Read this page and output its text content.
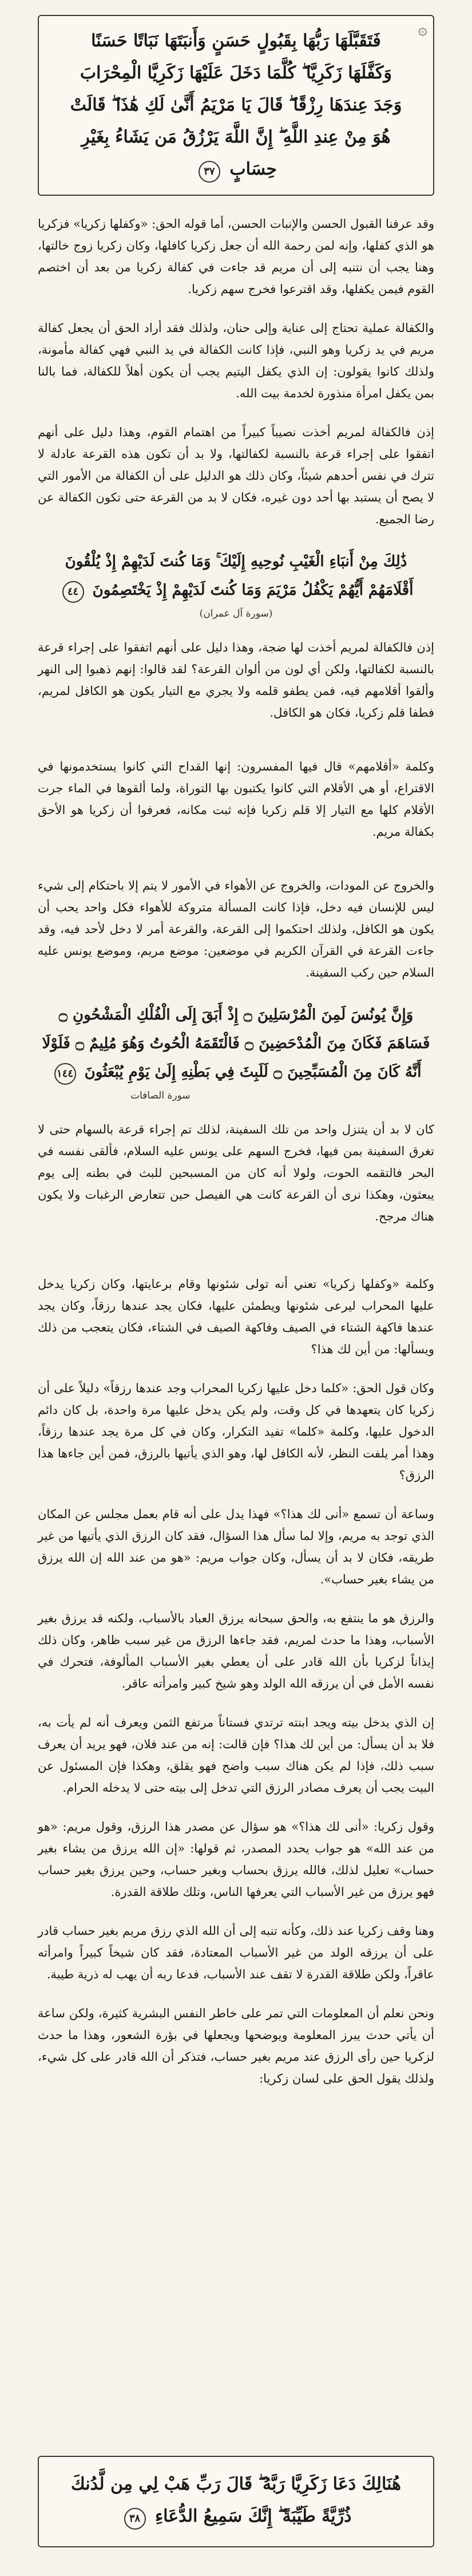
۞
فَتَقَبَّلَهَا رَبُّهَا بِقَبُولٍ حَسَنٍ وَأَنبَتَهَا نَبَاتًا حَسَنًا وَكَفَّلَهَا زَكَرِيَّا ۖ كُلَّمَا دَخَلَ عَلَيْهَا زَكَرِيَّا الْمِحْرَابَ وَجَدَ عِندَهَا رِزْقًا ۖ قَالَ يَا مَرْيَمُ أَنَّىٰ لَكِ هَٰذَا ۖ قَالَتْ هُوَ مِنْ عِندِ اللَّهِ ۖ إِنَّ اللَّهَ يَرْزُقُ مَن يَشَاءُ بِغَيْرِ حِسَابٍ ٣٧

وقد عرفنا القبول الحسن والإنبات الحسن، أما قوله الحق: «وكفلها زكريا» فزكريا هو الذي كفلها، وإنه لمن رحمة الله أن جعل زكريا كافلها، وكان زكريا زوج خالتها، وهنا يجب أن نتنبه إلى أن مريم قد جاءت في كفالة زكريا من بعد أن اختصم القوم فيمن يكفلها، وقد اقترعوا فخرج سهم زكريا.

والكفالة عملية تحتاج إلى عناية وإلى حنان، ولذلك فقد أراد الحق أن يجعل كفالة مريم في يد زكريا وهو النبي، فإذا كانت الكفالة في يد النبي فهي كفالة مأمونة، ولذلك كانوا يقولون: إن الذي يكفل اليتيم يجب أن يكون أهلاً للكفالة، فما بالنا بمن يكفل امرأة منذورة لخدمة بيت الله.

إذن فالكفالة لمريم أخذت نصيباً كبيراً من اهتمام القوم، وهذا دليل على أنهم اتفقوا على إجراء قرعة بالنسبة لكفالتها، ولا بد أن تكون هذه القرعة عادلة لا تترك في نفس أحدهم شيئاً، وكان ذلك هو الدليل على أن الكفالة من الأمور التي لا يصح أن يستبد بها أحد دون غيره، فكان لا بد من القرعة حتى تكون الكفالة عن رضا الجميع.

ذَٰلِكَ مِنْ أَنبَاءِ الْغَيْبِ نُوحِيهِ إِلَيْكَ ۚ وَمَا كُنتَ لَدَيْهِمْ إِذْ يُلْقُونَ أَقْلَامَهُمْ أَيُّهُمْ يَكْفُلُ مَرْيَمَ وَمَا كُنتَ لَدَيْهِمْ إِذْ يَخْتَصِمُونَ ٤٤

(سورة آل عمران)

إذن فالكفالة لمريم أخذت لها ضجة، وهذا دليل على أنهم اتفقوا على إجراء قرعة بالنسبة لكفالتها، ولكن أي لون من ألوان القرعة؟ لقد قالوا: إنهم ذهبوا إلى النهر وألقوا أقلامهم فيه، فمن يطفو قلمه ولا يجري مع التيار يكون هو الكافل لمريم، فطفا قلم زكريا، فكان هو الكافل.

وكلمة «أقلامهم» قال فيها المفسرون: إنها القداح التي كانوا يستخدمونها في الاقتراع، أو هي الأقلام التي كانوا يكتبون بها التوراة، ولما ألقوها في الماء جرت الأقلام كلها مع التيار إلا قلم زكريا فإنه ثبت مكانه، فعرفوا أن زكريا هو الأحق بكفالة مريم.

والخروج عن المودات، والخروج عن الأهواء في الأمور لا يتم إلا باحتكام إلى شيء ليس للإنسان فيه دخل، فإذا كانت المسألة متروكة للأهواء فكل واحد يحب أن يكون هو الكافل، ولذلك احتكموا إلى القرعة، والقرعة أمر لا دخل لأحد فيه، وقد جاءت القرعة في القرآن الكريم في موضعين: موضع مريم، وموضع يونس عليه السلام حين ركب السفينة.

وَإِنَّ يُونُسَ لَمِنَ الْمُرْسَلِينَ ۝ إِذْ أَبَقَ إِلَى الْفُلْكِ الْمَشْحُونِ ۝ فَسَاهَمَ فَكَانَ مِنَ الْمُدْحَضِينَ ۝ فَالْتَقَمَهُ الْحُوتُ وَهُوَ مُلِيمٌ ۝ فَلَوْلَا أَنَّهُ كَانَ مِنَ الْمُسَبِّحِينَ ۝ لَلَبِثَ فِي بَطْنِهِ إِلَىٰ يَوْمِ يُبْعَثُونَ ١٤٤

سورة الصافات

كان لا بد أن يتنزل واحد من تلك السفينة، لذلك تم إجراء قرعة بالسهام حتى لا تغرق السفينة بمن فيها، فخرج السهم على يونس عليه السلام، فألقى نفسه في البحر فالتقمه الحوت، ولولا أنه كان من المسبحين للبث في بطنه إلى يوم يبعثون، وهكذا نرى أن القرعة كانت هي الفيصل حين تتعارض الرغبات ولا يكون هناك مرجح.

وكلمة «وكفلها زكريا» تعني أنه تولى شئونها وقام برعايتها، وكان زكريا يدخل عليها المحراب ليرعى شئونها ويطمئن عليها، فكان يجد عندها رزقاً، وكان يجد عندها فاكهة الشتاء في الصيف وفاكهة الصيف في الشتاء، فكان يتعجب من ذلك ويسألها: من أين لك هذا؟

وكان قول الحق: «كلما دخل عليها زكريا المحراب وجد عندها رزقاً» دليلاً على أن زكريا كان يتعهدها في كل وقت، ولم يكن يدخل عليها مرة واحدة، بل كان دائم الدخول عليها، وكلمة «كلما» تفيد التكرار، وكان في كل مرة يجد عندها رزقاً، وهذا أمر يلفت النظر، لأنه الكافل لها، وهو الذي يأتيها بالرزق، فمن أين جاءها هذا الرزق؟

وساعة أن تسمع «أنى لك هذا؟» فهذا يدل على أنه قام بعمل مجلس عن المكان الذي توجد به مريم، وإلا لما سأل هذا السؤال، فقد كان الرزق الذي يأتيها من غير طريقه، فكان لا بد أن يسأل، وكان جواب مريم: «هو من عند الله إن الله يرزق من يشاء بغير حساب».

والرزق هو ما ينتفع به، والحق سبحانه يرزق العباد بالأسباب، ولكنه قد يرزق بغير الأسباب، وهذا ما حدث لمريم، فقد جاءها الرزق من غير سبب ظاهر، وكان ذلك إيذاناً لزكريا بأن الله قادر على أن يعطي بغير الأسباب المألوفة، فتحرك في نفسه الأمل في أن يرزقه الله الولد وهو شيخ كبير وامرأته عاقر.

إن الذي يدخل بيته ويجد ابنته ترتدي فستاناً مرتفع الثمن ويعرف أنه لم يأت به، فلا بد أن يسأل: من أين لك هذا؟ فإن قالت: إنه من عند فلان، فهو يريد أن يعرف سبب ذلك، فإذا لم يكن هناك سبب واضح فهو يقلق، وهكذا فإن المسئول عن البيت يجب أن يعرف مصادر الرزق التي تدخل إلى بيته حتى لا يدخله الحرام.

وقول زكريا: «أنى لك هذا؟» هو سؤال عن مصدر هذا الرزق، وقول مريم: «هو من عند الله» هو جواب يحدد المصدر، ثم قولها: «إن الله يرزق من يشاء بغير حساب» تعليل لذلك، فالله يرزق بحساب وبغير حساب، وحين يرزق بغير حساب فهو يرزق من غير الأسباب التي يعرفها الناس، وتلك طلاقة القدرة.

وهنا وقف زكريا عند ذلك، وكأنه تنبه إلى أن الله الذي رزق مريم بغير حساب قادر على أن يرزقه الولد من غير الأسباب المعتادة، فقد كان شيخاً كبيراً وامرأته عاقراً، ولكن طلاقة القدرة لا تقف عند الأسباب، فدعا ربه أن يهب له ذرية طيبة.

ونحن نعلم أن المعلومات التي تمر على خاطر النفس البشرية كثيرة، ولكن ساعة أن يأتي حدث يبرز المعلومة ويوضحها ويجعلها في بؤرة الشعور، وهذا ما حدث لزكريا حين رأى الرزق عند مريم بغير حساب، فتذكر أن الله قادر على كل شيء، ولذلك يقول الحق على لسان زكريا:

هُنَالِكَ دَعَا زَكَرِيَّا رَبَّهُ ۖ قَالَ رَبِّ هَبْ لِي مِن لَّدُنكَ ذُرِّيَّةً طَيِّبَةً ۖ إِنَّكَ سَمِيعُ الدُّعَاءِ ٣٨
